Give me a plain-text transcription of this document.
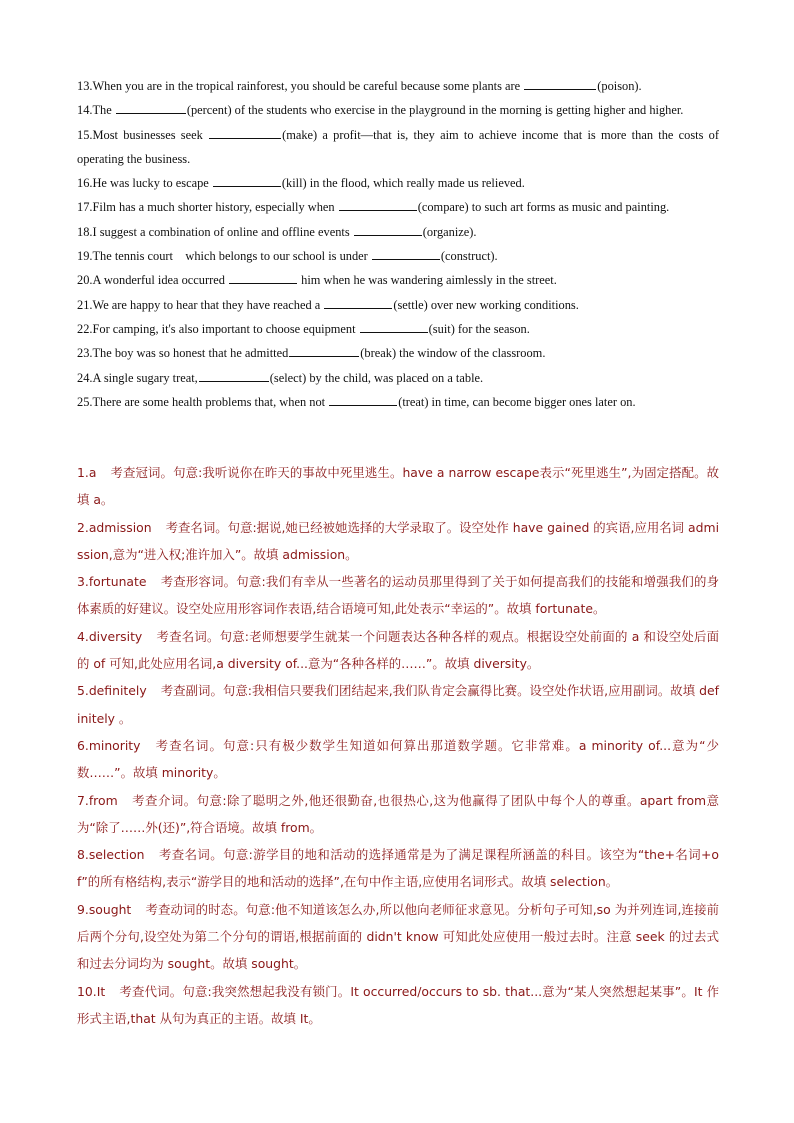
13.When you are in the tropical rainforest, you should be careful because some plants are	(poison).

14.The	(percent) of the students who exercise in the playground in the morning is getting higher and higher.

15.Most businesses seek	(make) a profit—that is, they aim to achieve income that is more than the costs of operating the business.

16.He was lucky to escape	(kill) in the flood, which really made us relieved.

17.Film has a much shorter history, especially when	(compare) to such art forms as music and painting.

18.I suggest a combination of online and offline events	(organize).

19.The tennis court which belongs to our school is under	(construct).

20.A wonderful idea occurred	him when he was wandering aimlessly in the street.

21.We are happy to hear that they have reached a	(settle) over new working conditions.

22.For camping, it's also important to choose equipment	(suit) for the season.

23.The boy was so honest that he admitted	(break) the window of the classroom.

24.A single sugary treat,	(select) by the child, was placed on a table.

25.There are some health problems that, when not	(treat) in time, can become bigger ones later on.

1.a 考查冠词。句意:我听说你在昨天的事故中死里逃生。have a narrow escape表示“死里逃生”,为固定搭配。故填 a。

2.admission 考查名词。句意:据说,她已经被她选择的大学录取了。设空处作 have gained 的宾语,应用名词 admission,意为“进入权;准许加入”。故填 admission。

3.fortunate 考查形容词。句意:我们有幸从一些著名的运动员那里得到了关于如何提高我们的技能和增强我们的身体素质的好建议。设空处应用形容词作表语,结合语境可知,此处表示“幸运的”。故填 fortunate。

4.diversity 考查名词。句意:老师想要学生就某一个问题表达各种各样的观点。根据设空处前面的 a 和设空处后面的 of 可知,此处应用名词,a diversity of...意为“各种各样的……”。故填 diversity。

5.definitely 考查副词。句意:我相信只要我们团结起来,我们队肯定会赢得比赛。设空处作状语,应用副词。故填 definitely 。

6.minority 考查名词。句意:只有极少数学生知道如何算出那道数学题。它非常难。a minority of...意为“少数……”。故填 minority。

7.from 考查介词。句意:除了聪明之外,他还很勤奋,也很热心,这为他赢得了团队中每个人的尊重。apart from意为“除了……外(还)”,符合语境。故填 from。

8.selection 考查名词。句意:游学目的地和活动的选择通常是为了满足课程所涵盖的科目。该空为“the+名词+of”的所有格结构,表示“游学目的地和活动的选择”,在句中作主语,应使用名词形式。故填 selection。

9.sought 考查动词的时态。句意:他不知道该怎么办,所以他向老师征求意见。分析句子可知,so 为并列连词,连接前后两个分句,设空处为第二个分句的谓语,根据前面的 didn't know 可知此处应使用一般过去时。注意 seek 的过去式和过去分词均为 sought。故填 sought。

10.It 考查代词。句意:我突然想起我没有锁门。It occurred/occurs to sb. that...意为“某人突然想起某事”。It 作形式主语,that 从句为真正的主语。故填 It。
